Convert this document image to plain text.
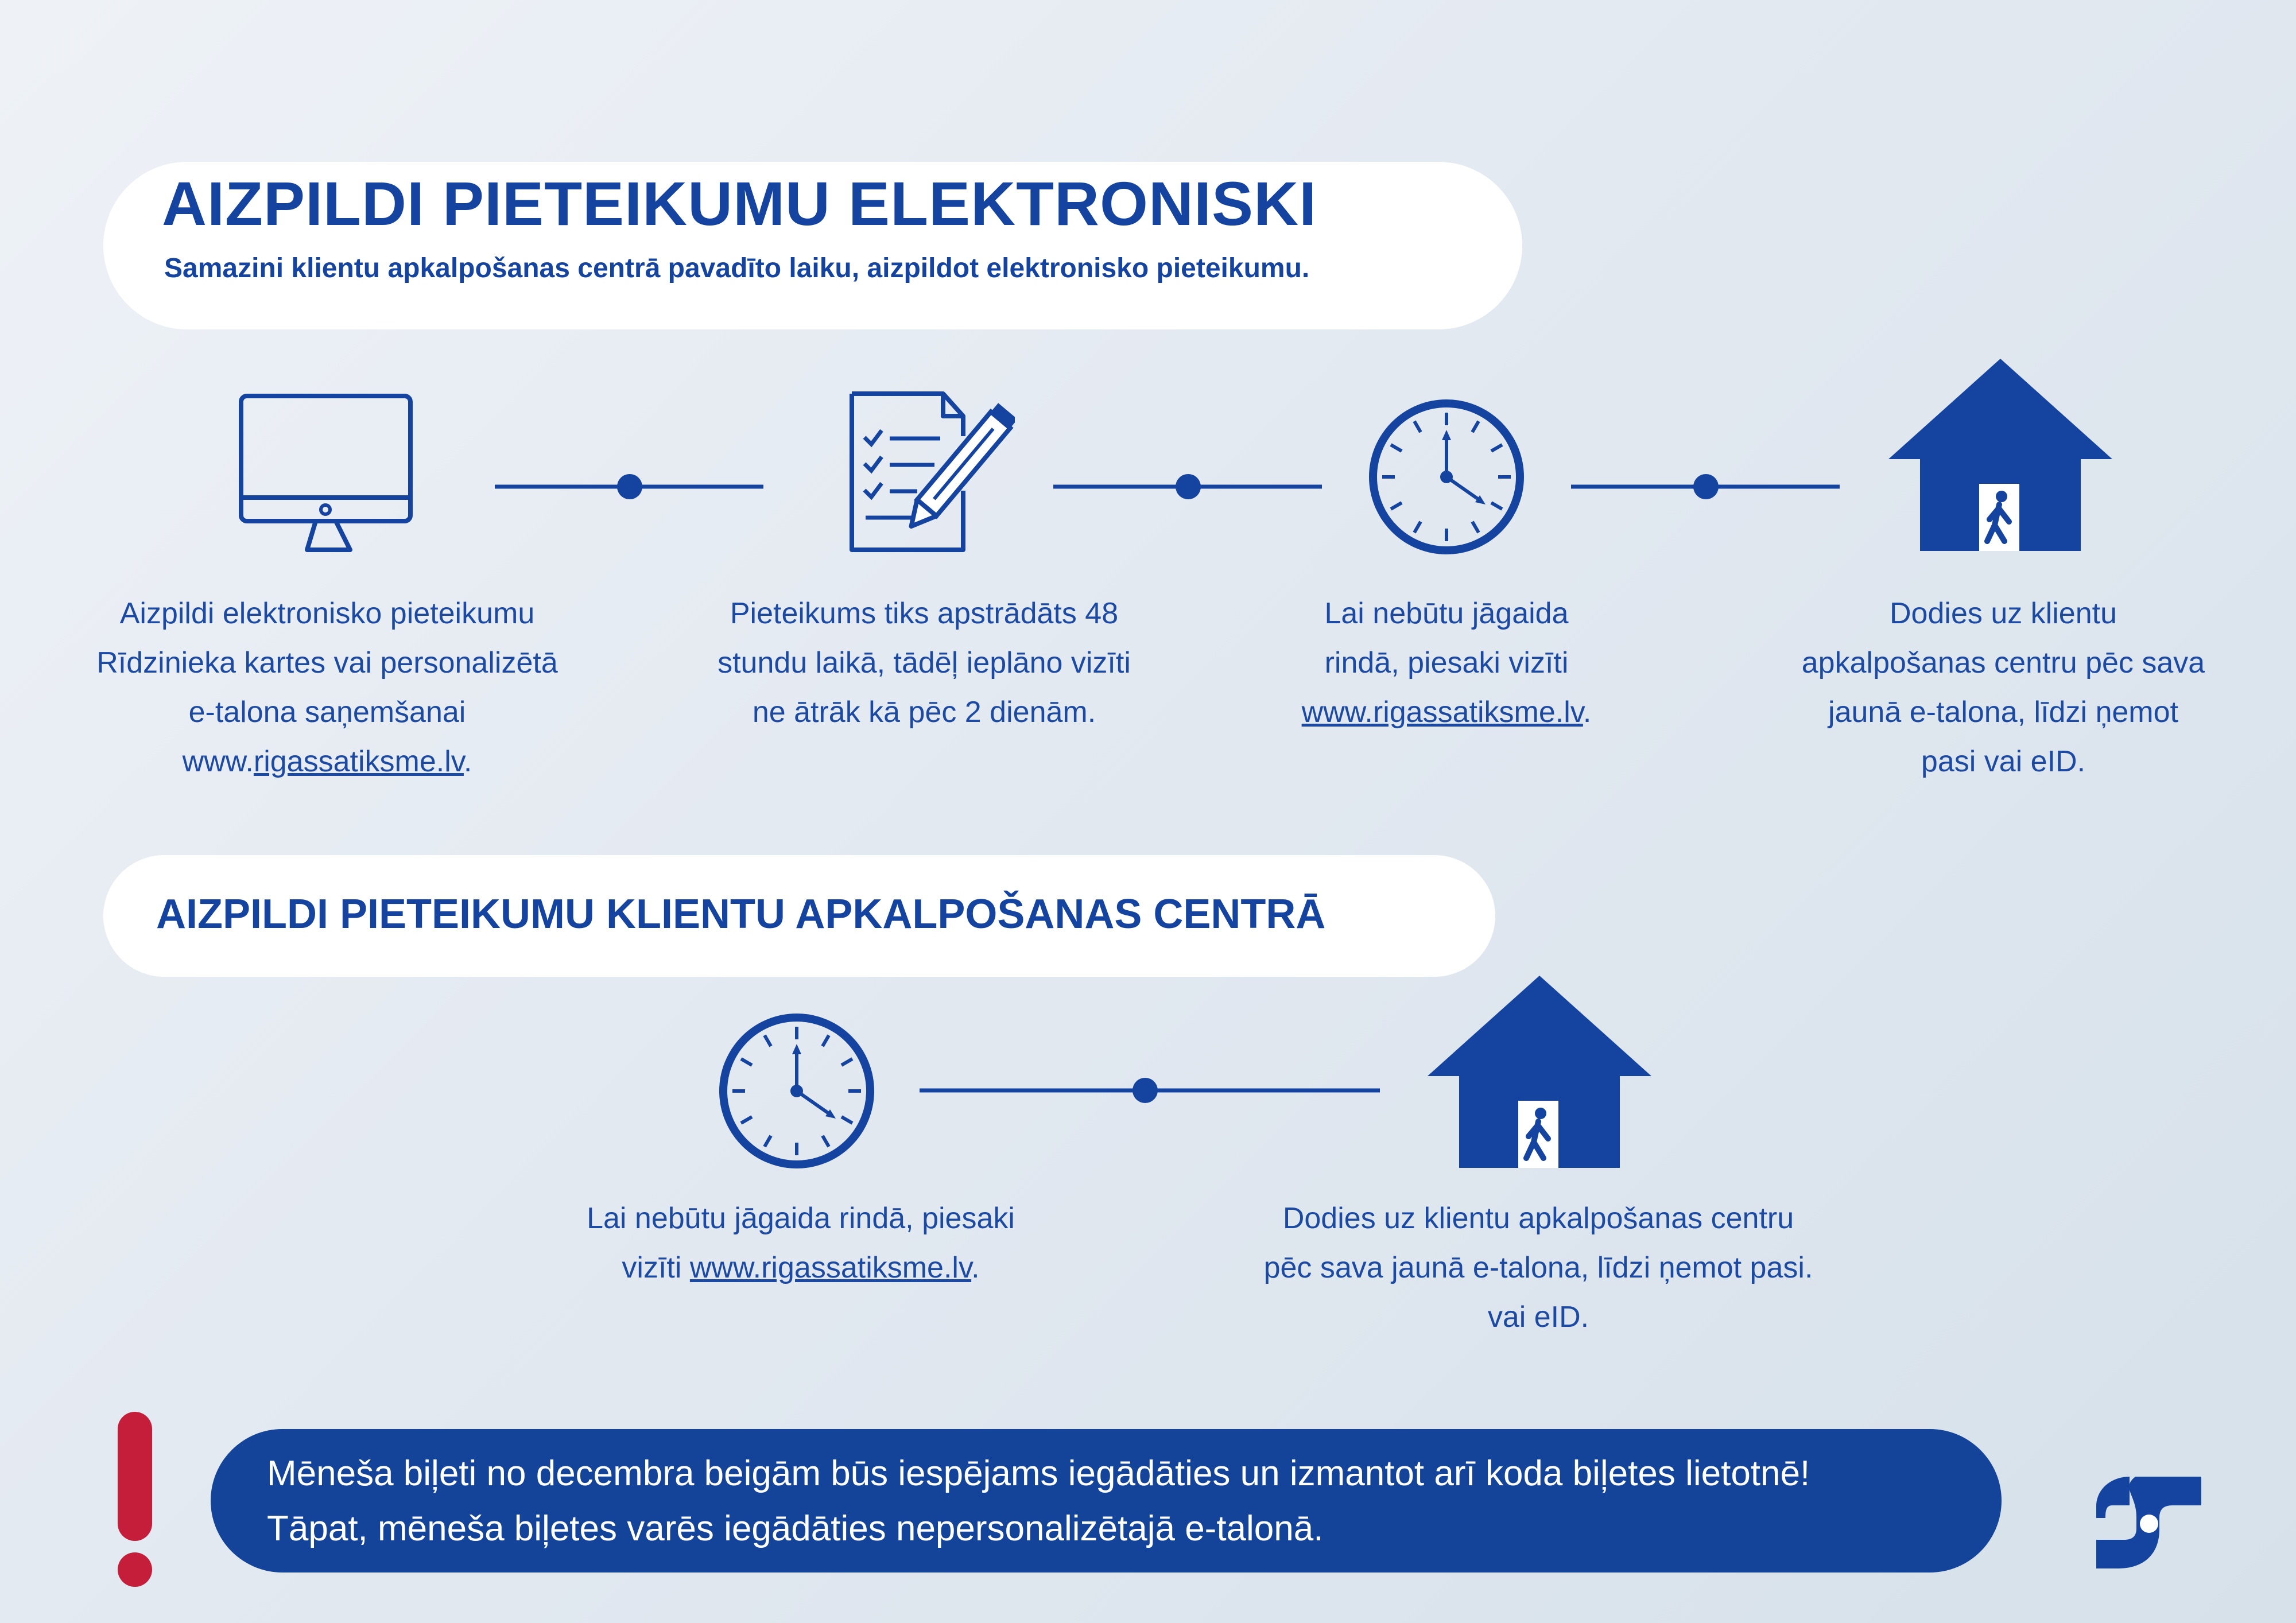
AIZPILDI PIETEIKUMU ELEKTRONISKI
Samazini klientu apkalpošanas centrā pavadīto laiku, aizpildot elektronisko pieteikumu.
Aizpildi elektronisko pieteikumu
Rīdzinieka kartes vai personalizētā
e-talona saņemšanai
www.rigassatiksme.lv.
Pieteikums tiks apstrādāts 48
stundu laikā, tādēļ ieplāno vizīti
ne ātrāk kā pēc 2 dienām.
Lai nebūtu jāgaida
rindā, piesaki vizīti
www.rigassatiksme.lv.
Dodies uz klientu
apkalpošanas centru pēc sava
jaunā e-talona, līdzi ņemot
pasi vai eID.
AIZPILDI PIETEIKUMU KLIENTU APKALPOŠANAS CENTRĀ
Lai nebūtu jāgaida rindā, piesaki
vizīti www.rigassatiksme.lv.
Dodies uz klientu apkalpošanas centru
pēc sava jaunā e-talona, līdzi ņemot pasi.
vai eID.
Mēneša biļeti no decembra beigām būs iespējams iegādāties un izmantot arī koda biļetes lietotnē!
Tāpat, mēneša biļetes varēs iegādāties nepersonalizētajā e-talonā.
